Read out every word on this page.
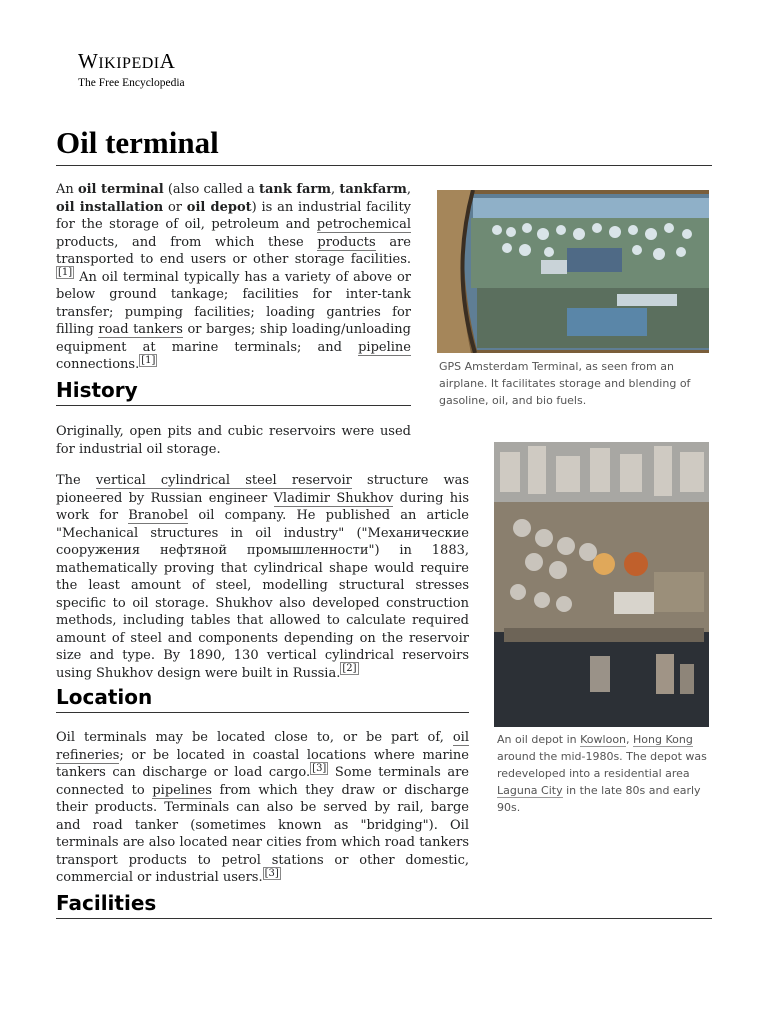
WIKIPEDIA
The Free Encyclopedia
Oil terminal

An oil terminal (also called a tank farm, tankfarm, oil installation or oil depot) is an industrial facility for the storage of oil, petroleum and petrochemical products, and from which these products are transported to end users or other storage facilities.[1] An oil terminal typically has a variety of above or below ground tankage; facilities for inter-tank transfer; pumping facilities; loading gantries for filling road tankers or barges; ship loading/unloading equipment at marine terminals; and pipeline connections. [1]	GPS Amsterdam Terminal, as seen from an airplane. It facilitates storage and blending of gasoline, oil, and bio fuels.
History

Originally, open pits and cubic reservoirs were used for industrial oil storage.

The vertical cylindrical steel reservoir structure was pioneered by Russian engineer Vladimir Shukhov during his work for Branobel oil company. He published an article "Mechanical structures in oil industry" ("Механические сооружения нефтяной промышленности") in 1883, mathematically proving that cylindrical shape would require the least amount of steel, modelling structural stresses specific to oil storage. Shukhov also developed construction methods, including tables that allowed to calculate required amount of steel and components depending on the reservoir size and type. By 1890, 130 vertical cylindrical reservoirs using Shukhov design were built in Russia. [2]

An oil depot in Kowloon, Hong Kong around the mid-1980s. The depot was redeveloped into a residential area Laguna City in the late 80s and early 90s.
Location

Oil terminals may be located close to, or be part of, oil refineries; or be located in coastal locations where marine tankers can discharge or load cargo. [3] Some terminals are connected to pipelines from which they draw or discharge their products. Terminals can also be served by rail, barge and road tanker (sometimes known as "bridging"). Oil terminals are also located near cities from which road tankers transport products to petrol stations or other domestic, commercial or industrial users. [3]

Facilities
